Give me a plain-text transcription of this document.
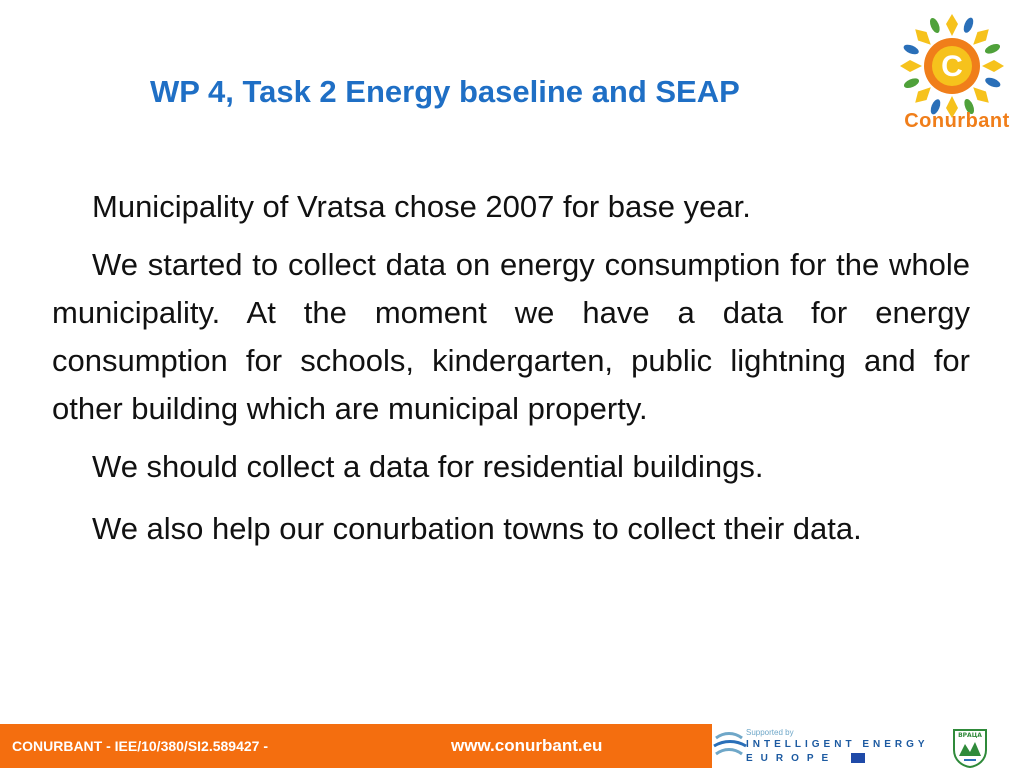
WP 4, Task 2 Energy baseline and SEAP
C
Conurbant

Municipality of Vratsa chose 2007 for base year.

We started to collect data on energy consumption for the whole municipality. At the moment we have a data for energy consumption for schools, kindergarten, public lightning and for other building which are municipal property.

We should collect a data for residential buildings.

We also help our conurbation towns to collect their data.

CONURBANT - IEE/10/380/SI2.589427 -	www.conurbant.eu
Supported by
INTELLIGENT ENERGY
EUROPE
ВРАЦА
